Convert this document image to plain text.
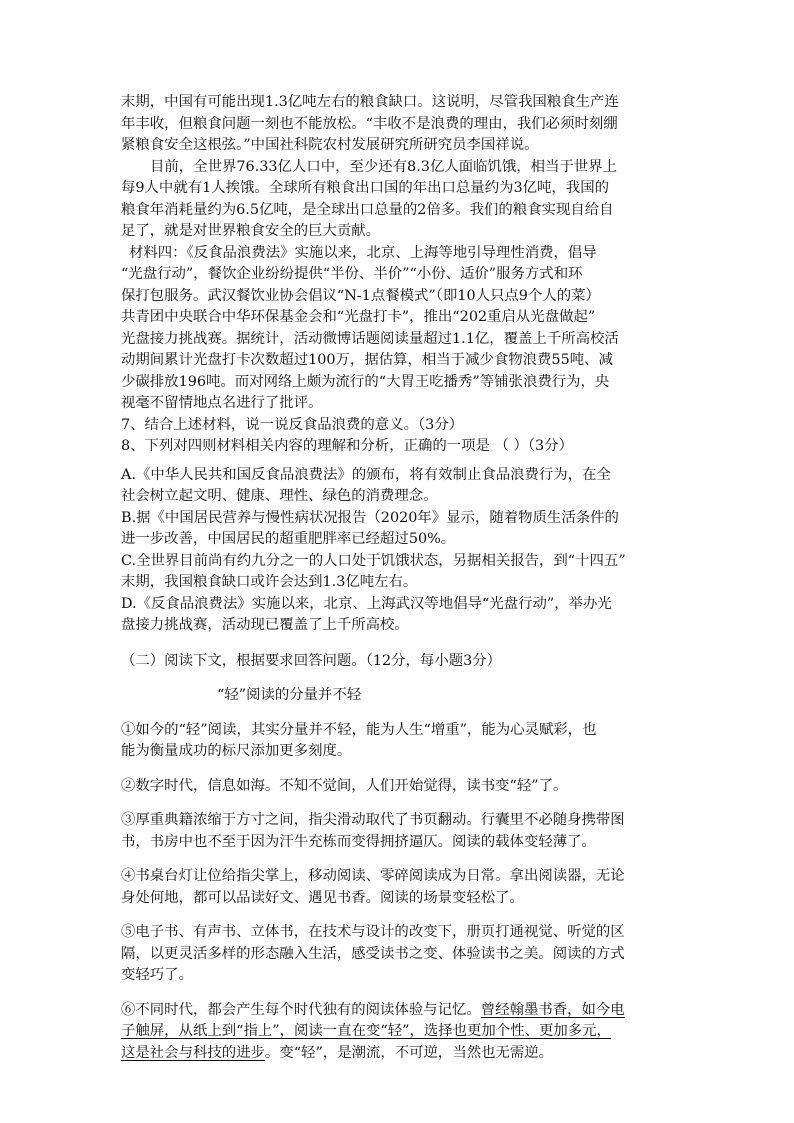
末期，中国有可能出现1.3亿吨左右的粮食缺口。这说明，尽管我国粮食生产连
年丰收，但粮食问题一刻也不能放松。“丰收不是浪费的理由，我们必须时刻绷
紧粮食安全这根弦。”中国社科院农村发展研究所研究员李国祥说。
目前，全世界76.33亿人口中，至少还有8.3亿人面临饥饿，相当于世界上
每9人中就有1人挨饿。全球所有粮食出口国的年出口总量约为3亿吨，我国的
粮食年消耗量约为6.5亿吨，是全球出口总量的2倍多。我们的粮食实现自给自
足了，就是对世界粮食安全的巨大贡献。
材料四：《反食品浪费法》实施以来，北京、上海等地引导理性消费，倡导
“光盘行动”，餐饮企业纷纷提供“半份、半价”“小份、适价”服务方式和环
保打包服务。武汉餐饮业协会倡议“N-1点餐模式”（即10人只点9个人的菜）
共青团中央联合中华环保基金会和“光盘打卡”，推出“202重启从光盘做起”
光盘接力挑战赛。据统计，活动微博话题阅读量超过1.1亿，覆盖上千所高校活
动期间累计光盘打卡次数超过100万，据估算，相当于减少食物浪费55吨、减
少碳排放196吨。而对网络上颇为流行的“大胃王吃播秀”等铺张浪费行为，央
视毫不留情地点名进行了批评。
7、结合上述材料，说一说反食品浪费的意义。（3分）
8、下列对四则材料相关内容的理解和分析，正确的一项是 （ ）（3分）
A.《中华人民共和国反食品浪费法》的颁布，将有效制止食品浪费行为，在全
社会树立起文明、健康、理性、绿色的消费理念。
B.据《中国居民营养与慢性病状况报告（2020年》显示，随着物质生活条件的
进一步改善，中国居民的超重肥胖率已经超过50%。
C.全世界目前尚有约九分之一的人口处于饥饿状态，另据相关报告，到“十四五”
末期，我国粮食缺口或许会达到1.3亿吨左右。
D.《反食品浪费法》实施以来，北京、上海武汉等地倡导“光盘行动”，举办光
盘接力挑战赛，活动现已覆盖了上千所高校。
（二）阅读下文，根据要求回答问题。（12分，每小题3分）
“轻”阅读的分量并不轻
①如今的“轻”阅读，其实分量并不轻，能为人生“增重”，能为心灵赋彩，也
能为衡量成功的标尺添加更多刻度。
②数字时代，信息如海。不知不觉间，人们开始觉得，读书变“轻”了。
③厚重典籍浓缩于方寸之间，指尖滑动取代了书页翻动。行囊里不必随身携带图
书，书房中也不至于因为汗牛充栋而变得拥挤逼仄。阅读的载体变轻薄了。
④书桌台灯让位给指尖掌上，移动阅读、零碎阅读成为日常。拿出阅读器，无论
身处何地，都可以品读好文、遇见书香。阅读的场景变轻松了。
⑤电子书、有声书、立体书，在技术与设计的改变下，册页打通视觉、听觉的区
隔，以更灵活多样的形态融入生活，感受读书之变、体验读书之美。阅读的方式
变轻巧了。
⑥不同时代，都会产生每个时代独有的阅读体验与记忆。曾经翰墨书香，如今电
子触屏，从纸上到“指上”，阅读一直在变“轻”，选择也更加个性、更加多元，
这是社会与科技的进步。变“轻”，是潮流，不可逆，当然也无需逆。
